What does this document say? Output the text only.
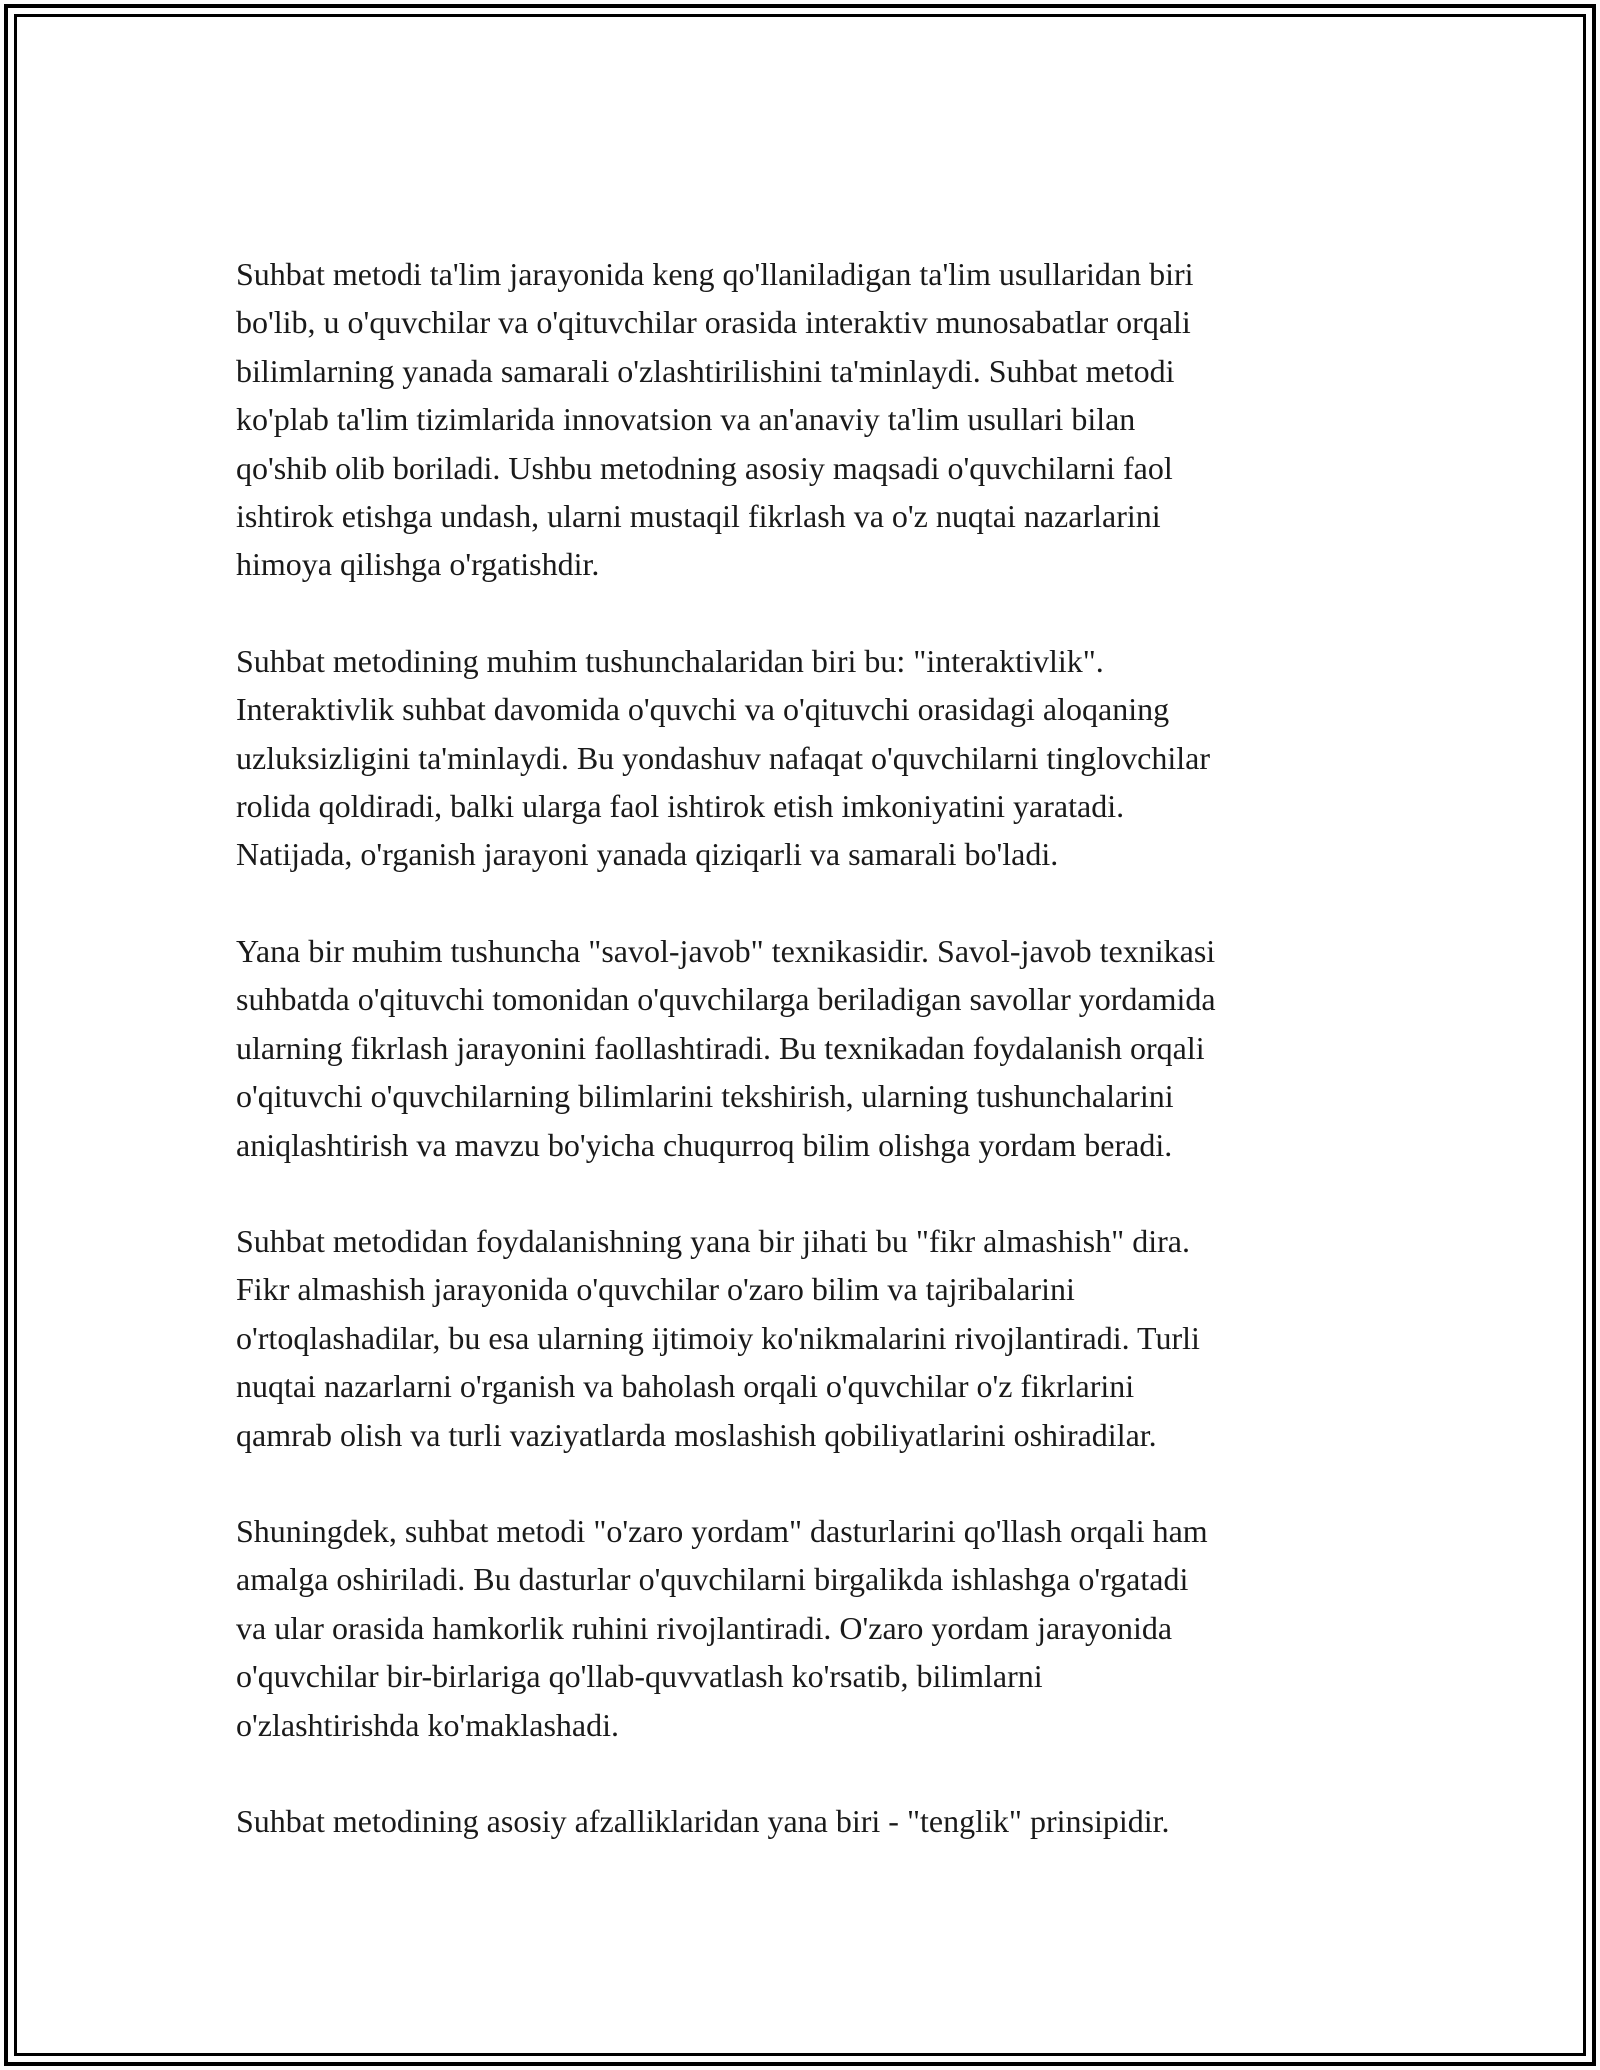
Suhbat metodi ta'lim jarayonida keng qo'llaniladigan ta'lim usullaridan biri
bo'lib, u o'quvchilar va o'qituvchilar orasida interaktiv munosabatlar orqali
bilimlarning yanada samarali o'zlashtirilishini ta'minlaydi. Suhbat metodi
ko'plab ta'lim tizimlarida innovatsion va an'anaviy ta'lim usullari bilan
qo'shib olib boriladi. Ushbu metodning asosiy maqsadi o'quvchilarni faol
ishtirok etishga undash, ularni mustaqil fikrlash va o'z nuqtai nazarlarini
himoya qilishga o'rgatishdir.

Suhbat metodining muhim tushunchalaridan biri bu: "interaktivlik".
Interaktivlik suhbat davomida o'quvchi va o'qituvchi orasidagi aloqaning
uzluksizligini ta'minlaydi. Bu yondashuv nafaqat o'quvchilarni tinglovchilar
rolida qoldiradi, balki ularga faol ishtirok etish imkoniyatini yaratadi.
Natijada, o'rganish jarayoni yanada qiziqarli va samarali bo'ladi.

Yana bir muhim tushuncha "savol-javob" texnikasidir. Savol-javob texnikasi
suhbatda o'qituvchi tomonidan o'quvchilarga beriladigan savollar yordamida
ularning fikrlash jarayonini faollashtiradi. Bu texnikadan foydalanish orqali
o'qituvchi o'quvchilarning bilimlarini tekshirish, ularning tushunchalarini
aniqlashtirish va mavzu bo'yicha chuqurroq bilim olishga yordam beradi.

Suhbat metodidan foydalanishning yana bir jihati bu "fikr almashish" dira.
Fikr almashish jarayonida o'quvchilar o'zaro bilim va tajribalarini
o'rtoqlashadilar, bu esa ularning ijtimoiy ko'nikmalarini rivojlantiradi. Turli
nuqtai nazarlarni o'rganish va baholash orqali o'quvchilar o'z fikrlarini
qamrab olish va turli vaziyatlarda moslashish qobiliyatlarini oshiradilar.

Shuningdek, suhbat metodi "o'zaro yordam" dasturlarini qo'llash orqali ham
amalga oshiriladi. Bu dasturlar o'quvchilarni birgalikda ishlashga o'rgatadi
va ular orasida hamkorlik ruhini rivojlantiradi. O'zaro yordam jarayonida
o'quvchilar bir-birlariga qo'llab-quvvatlash ko'rsatib, bilimlarni
o'zlashtirishda ko'maklashadi.

Suhbat metodining asosiy afzalliklaridan yana biri - "tenglik" prinsipidir.
